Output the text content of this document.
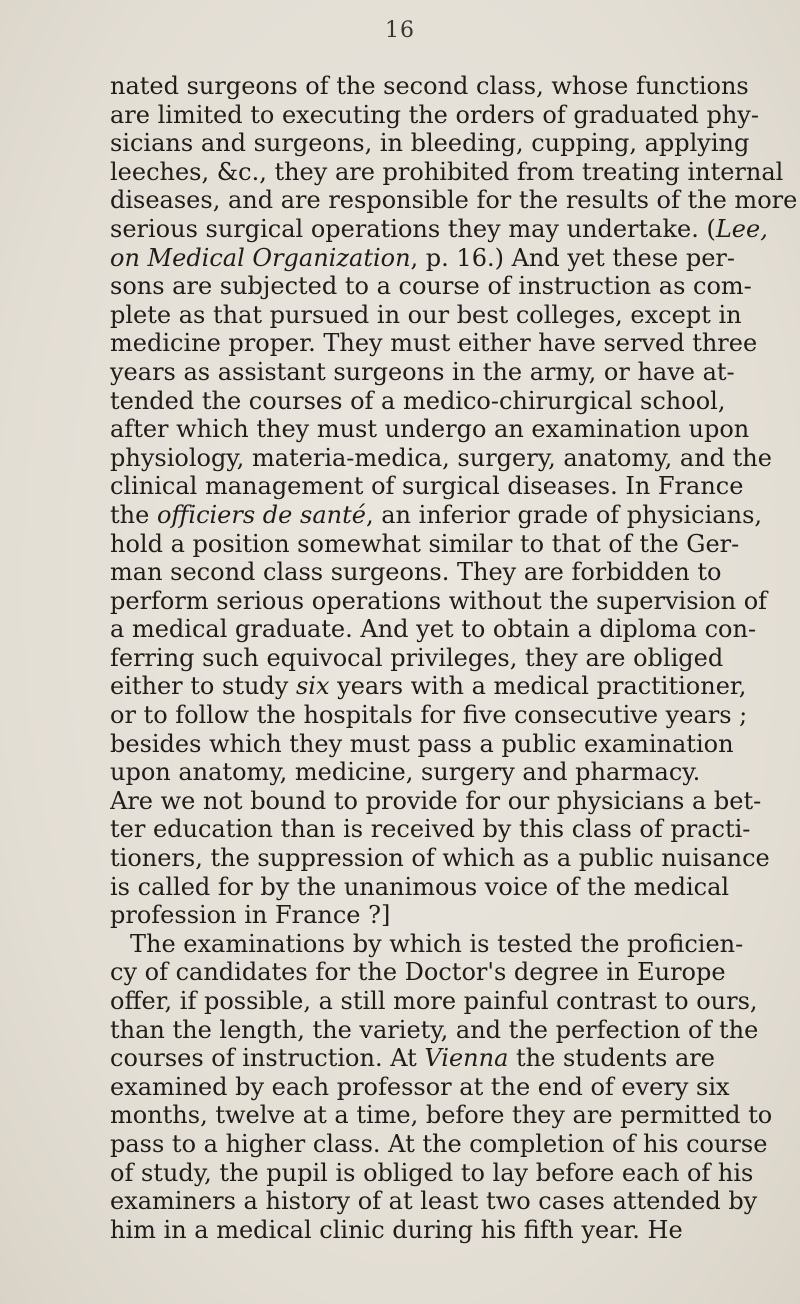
16
nated surgeons of the second class, whose functions
are limited to executing the orders of graduated phy-
sicians and surgeons, in bleeding, cupping, applying
leeches, &c., they are prohibited from treating internal
diseases, and are responsible for the results of the more
serious surgical operations they may undertake. (Lee,
on Medical Organization, p. 16.) And yet these per-
sons are subjected to a course of instruction as com-
plete as that pursued in our best colleges, except in
medicine proper. They must either have served three
years as assistant surgeons in the army, or have at-
tended the courses of a medico-chirurgical school,
after which they must undergo an examination upon
physiology, materia-medica, surgery, anatomy, and the
clinical management of surgical diseases. In France
the officiers de santé, an inferior grade of physicians,
hold a position somewhat similar to that of the Ger-
man second class surgeons. They are forbidden to
perform serious operations without the supervision of
a medical graduate. And yet to obtain a diploma con-
ferring such equivocal privileges, they are obliged
either to study six years with a medical practitioner,
or to follow the hospitals for five consecutive years ;
besides which they must pass a public examination
upon anatomy, medicine, surgery and pharmacy.
Are we not bound to provide for our physicians a bet-
ter education than is received by this class of practi-
tioners, the suppression of which as a public nuisance
is called for by the unanimous voice of the medical
profession in France ?]
The examinations by which is tested the proficien-
cy of candidates for the Doctor's degree in Europe
offer, if possible, a still more painful contrast to ours,
than the length, the variety, and the perfection of the
courses of instruction. At Vienna the students are
examined by each professor at the end of every six
months, twelve at a time, before they are permitted to
pass to a higher class. At the completion of his course
of study, the pupil is obliged to lay before each of his
examiners a history of at least two cases attended by
him in a medical clinic during his fifth year. He
